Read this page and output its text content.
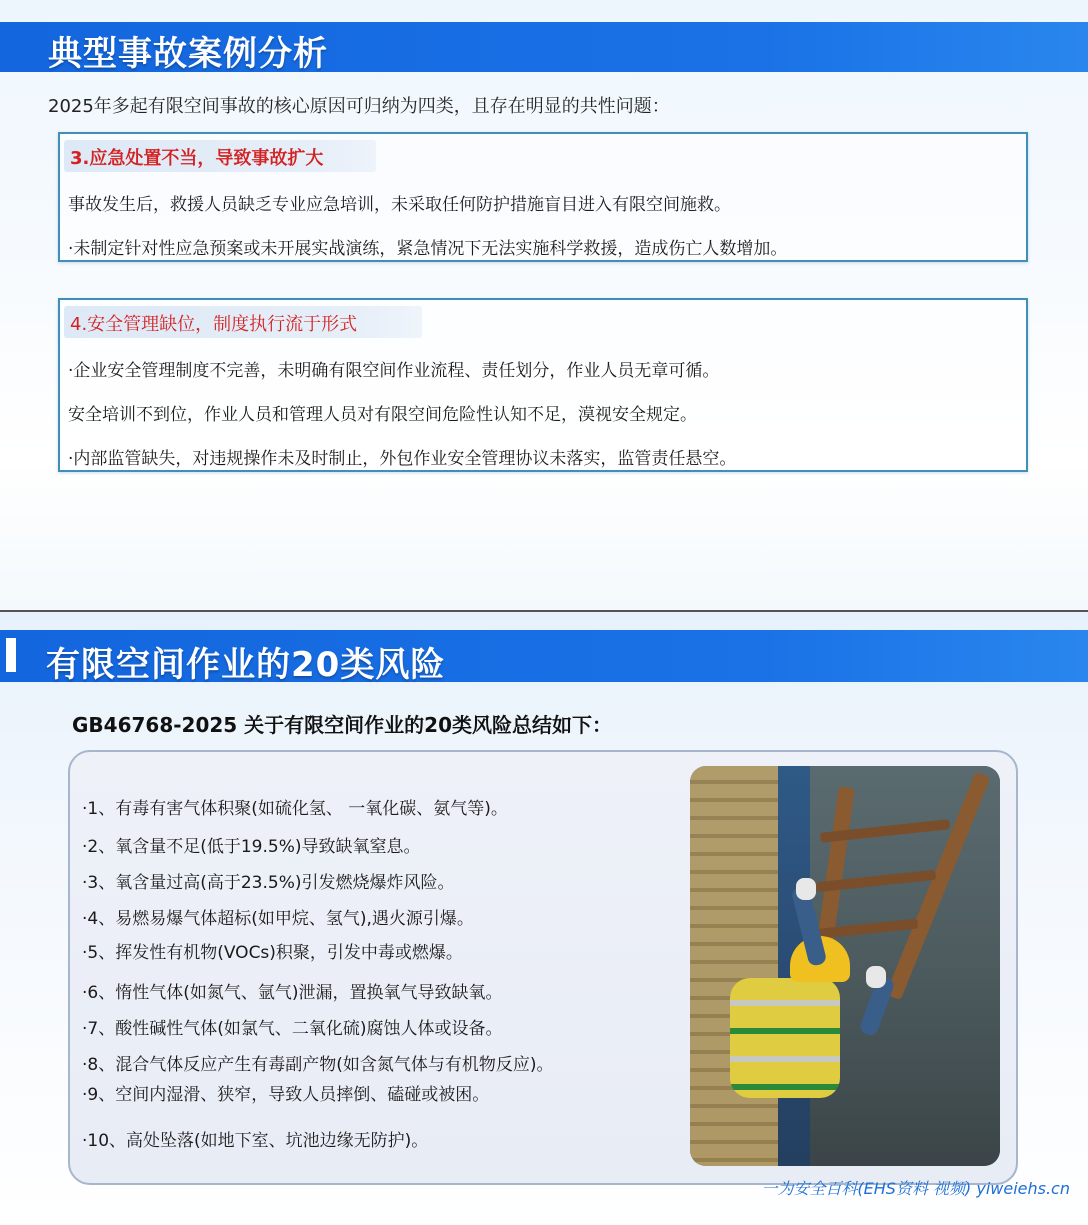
典型事故案例分析
2025年多起有限空间事故的核心原因可归纳为四类，且存在明显的共性问题：
3.应急处置不当，导致事故扩大
事故发生后，救援人员缺乏专业应急培训，未采取任何防护措施盲目进入有限空间施救。
·未制定针对性应急预案或未开展实战演练，紧急情况下无法实施科学救援，造成伤亡人数增加。
4.安全管理缺位，制度执行流于形式
·企业安全管理制度不完善，未明确有限空间作业流程、责任划分，作业人员无章可循。
安全培训不到位，作业人员和管理人员对有限空间危险性认知不足，漠视安全规定。
·内部监管缺失，对违规操作未及时制止，外包作业安全管理协议未落实，监管责任悬空。
有限空间作业的20类风险
GB46768-2025 关于有限空间作业的20类风险总结如下：
·1、有毒有害气体积聚(如硫化氢、 一氧化碳、氨气等)。
·2、氧含量不足(低于19.5%)导致缺氧窒息。
·3、氧含量过高(高于23.5%)引发燃烧爆炸风险。
·4、易燃易爆气体超标(如甲烷、氢气),遇火源引爆。
·5、挥发性有机物(VOCs)积聚，引发中毒或燃爆。
·6、惰性气体(如氮气、氩气)泄漏，置换氧气导致缺氧。
·7、酸性碱性气体(如氯气、二氧化硫)腐蚀人体或设备。
·8、混合气体反应产生有毒副产物(如含氮气体与有机物反应)。
·9、空间内湿滑、狭窄，导致人员摔倒、磕碰或被困。
·10、高处坠落(如地下室、坑池边缘无防护)。
一为安全百科(EHS资料 视频) yiweiehs.cn
